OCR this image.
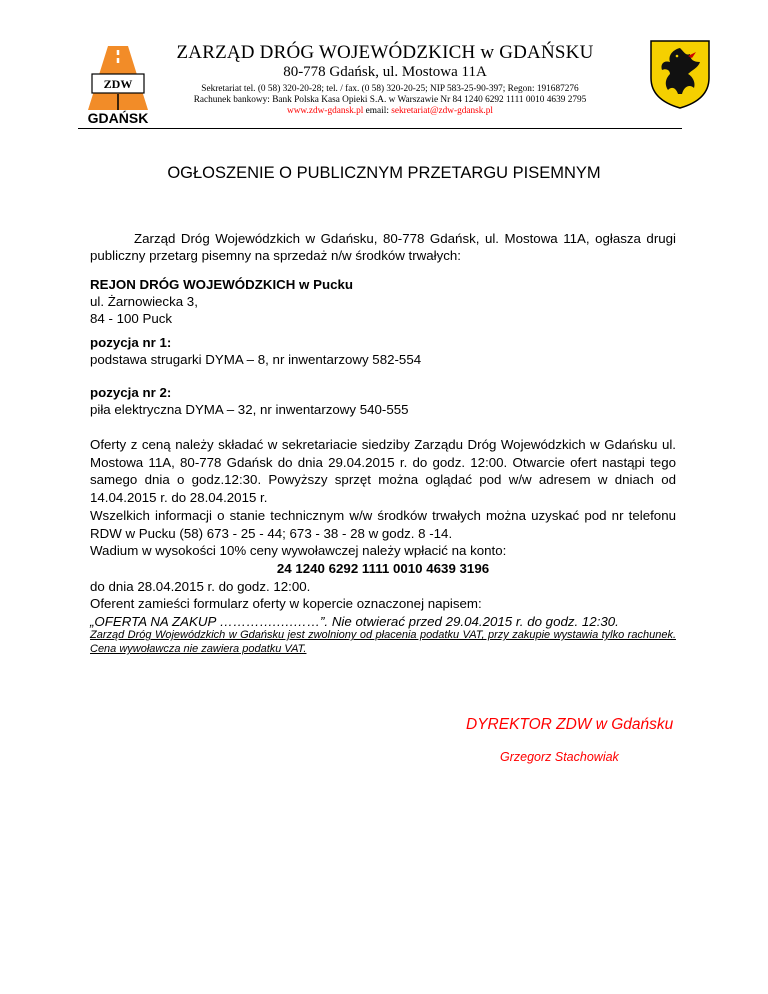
ZDW
GDAŃSK
ZARZĄD DRÓG WOJEWÓDZKICH w GDAŃSKU
80-778 Gdańsk, ul. Mostowa 11A
Sekretariat tel. (0 58) 320-20-28; tel. / fax. (0 58) 320-20-25; NIP 583-25-90-397; Regon: 191687276
Rachunek bankowy: Bank Polska Kasa Opieki S.A. w Warszawie Nr 84 1240 6292 1111 0010 4639 2795
www.zdw-gdansk.pl email: sekretariat@zdw-gdansk.pl
OGŁOSZENIE O PUBLICZNYM PRZETARGU PISEMNYM
Zarząd Dróg Wojewódzkich w Gdańsku, 80-778 Gdańsk, ul. Mostowa 11A, ogłasza drugi publiczny przetarg pisemny na sprzedaż n/w środków trwałych:
REJON DRÓG WOJEWÓDZKICH w Pucku
ul. Żarnowiecka 3,
84 - 100 Puck
pozycja nr 1:
podstawa strugarki DYMA – 8, nr inwentarzowy 582-554
pozycja nr 2:
piła elektryczna DYMA – 32, nr inwentarzowy 540-555
Oferty z ceną należy składać w sekretariacie siedziby Zarządu Dróg Wojewódzkich w Gdańsku ul. Mostowa 11A, 80-778 Gdańsk do dnia 29.04.2015 r. do godz. 12:00. Otwarcie ofert nastąpi tego samego dnia o godz.12:30. Powyższy sprzęt można oglądać pod w/w adresem w dniach od 14.04.2015 r. do 28.04.2015 r.
Wszelkich informacji o stanie technicznym w/w środków trwałych można uzyskać pod nr telefonu RDW w Pucku (58) 673 - 25 - 44; 673 - 38 - 28 w godz. 8 -14.
Wadium w wysokości 10% ceny wywoławczej należy wpłacić na konto:
24 1240 6292 1111 0010 4639 3196
do dnia 28.04.2015 r. do godz. 12:00.
Oferent zamieści formularz oferty w kopercie oznaczonej napisem:
„OFERTA NA ZAKUP ………….….……”. Nie otwierać przed 29.04.2015 r. do godz. 12:30.
Zarząd Dróg Wojewódzkich w Gdańsku jest zwolniony od płacenia podatku VAT, przy zakupie wystawia tylko rachunek. Cena wywoławcza nie zawiera podatku VAT.
DYREKTOR ZDW w Gdańsku
Grzegorz Stachowiak
